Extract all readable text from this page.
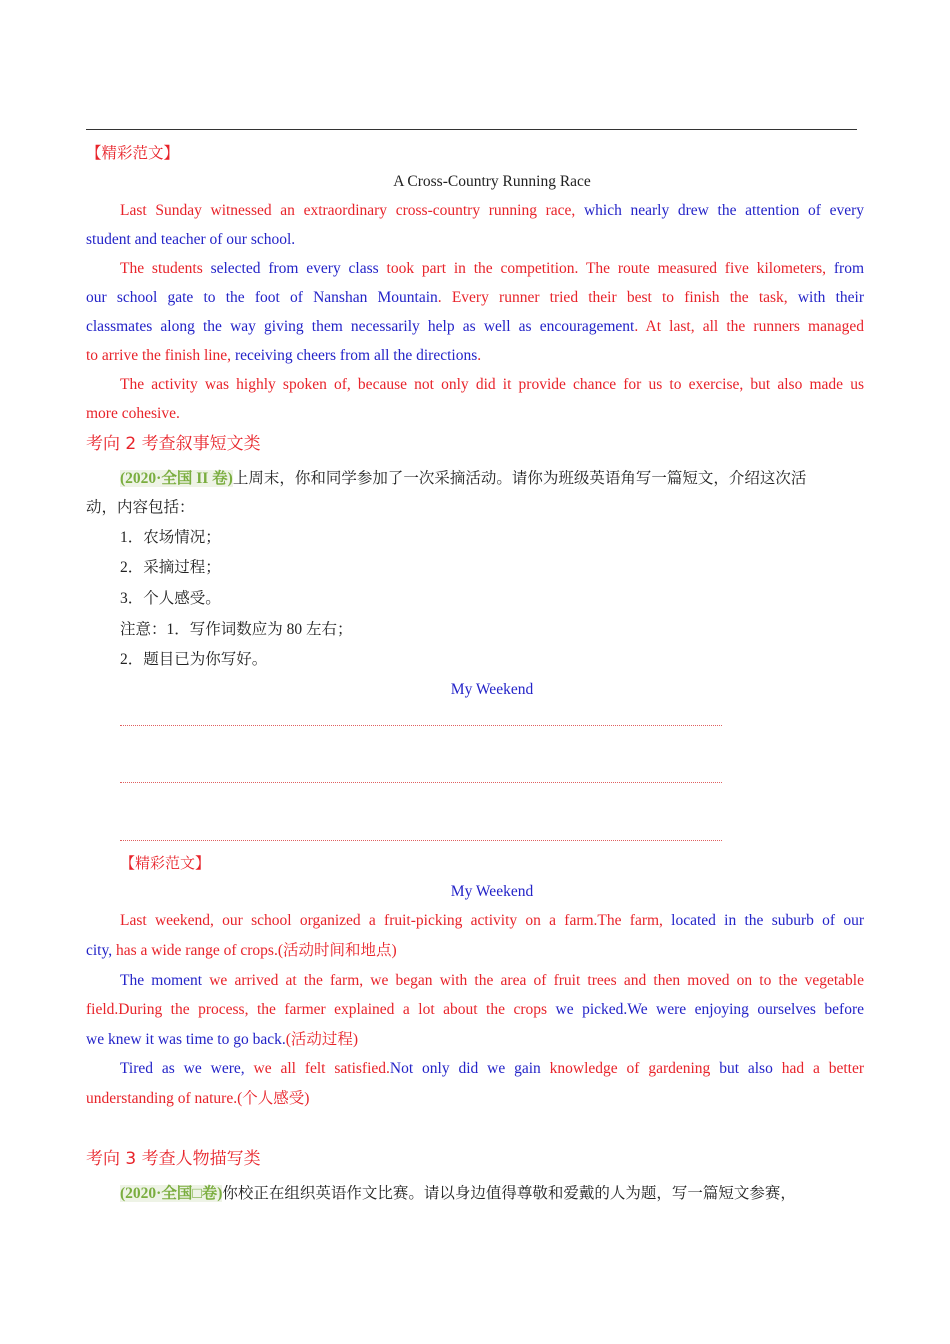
【精彩范文】
A Cross-Country Running Race
Last Sunday witnessed an extraordinary cross-country running race, which nearly drew the attention of every
student and teacher of our school.
The students selected from every class took part in the competition. The route measured five kilometers, from
our school gate to the foot of Nanshan Mountain. Every runner tried their best to finish the task, with their
classmates along the way giving them necessarily help as well as encouragement. At last, all the runners managed
to arrive the finish line, receiving cheers from all the directions.
The activity was highly spoken of, because not only did it provide chance for us to exercise, but also made us
more cohesive.
考向 2 考查叙事短文类
(2020·全国 II 卷)上周末，你和同学参加了一次采摘活动。请你为班级英语角写一篇短文，介绍这次活
动，内容包括：
1．农场情况；
2．采摘过程；
3．个人感受。
注意：1．写作词数应为 80 左右；
2．题目已为你写好。
My Weekend
【精彩范文】
My Weekend
Last weekend, our school organized a fruit-picking activity on a farm.The farm, located in the suburb of our
city, has a wide range of crops.(活动时间和地点)
The moment we arrived at the farm, we began with the area of fruit trees and then moved on to the vegetable
field.During the process, the farmer explained a lot about the crops we picked.We were enjoying ourselves before
we knew it was time to go back.(活动过程)
Tired as we were, we all felt satisfied.Not only did we gain knowledge of gardening but also had a better
understanding of nature.(个人感受)
考向 3 考查人物描写类
(2020·全国□卷)你校正在组织英语作文比赛。请以身边值得尊敬和爱戴的人为题，写一篇短文参赛，
